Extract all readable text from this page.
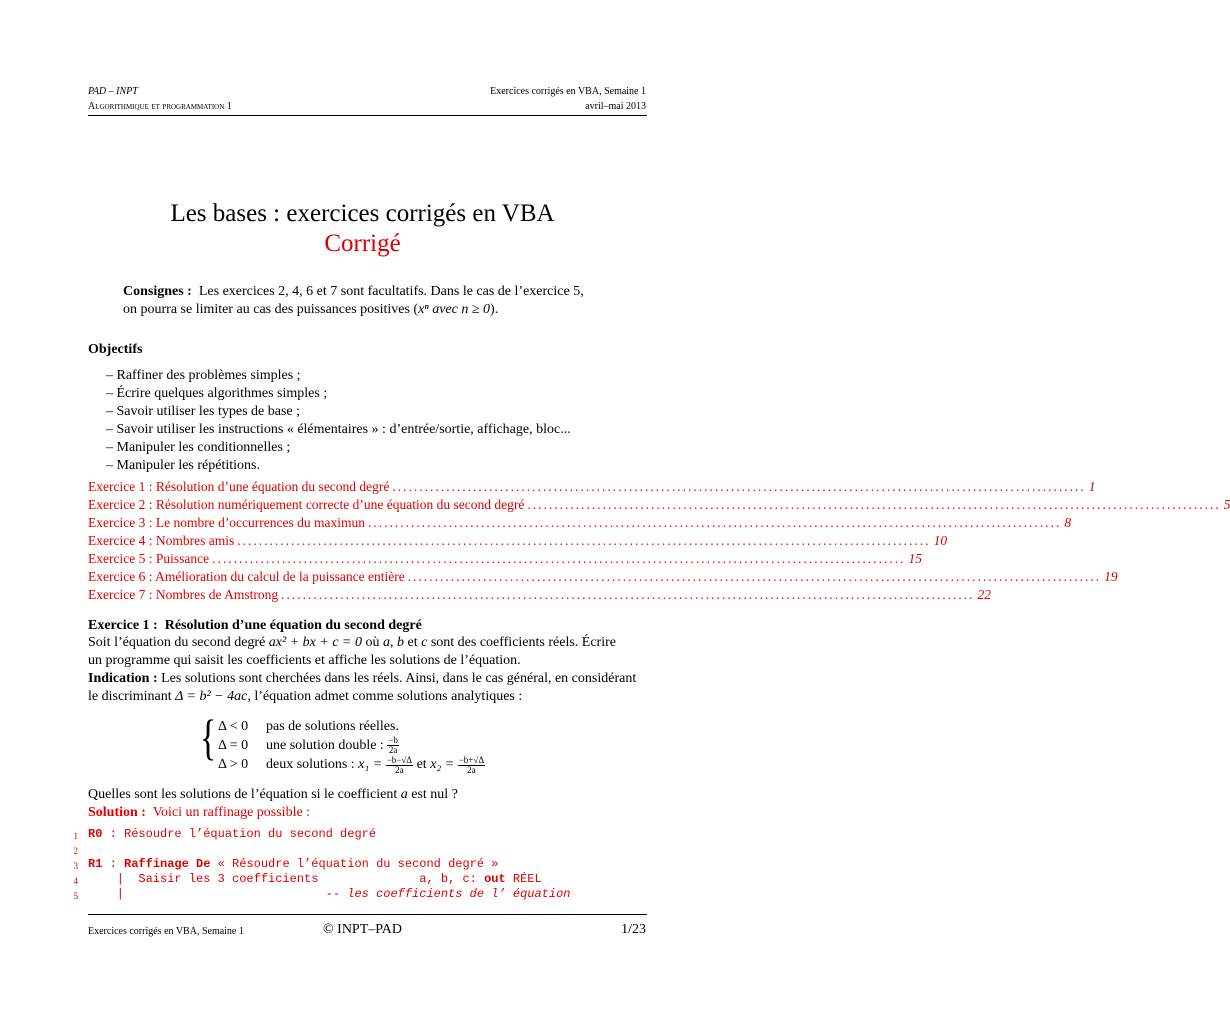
PAD – INPT
Algorithmique et programmation 1
Exercices corrigés en VBA, Semaine 1
avril–mai 2013
Les bases : exercices corrigés en VBA
Corrigé
Consignes : Les exercices 2, 4, 6 et 7 sont facultatifs. Dans le cas de l’exercice 5,
on pourra se limiter au cas des puissances positives (xⁿ avec n ≥ 0).
Objectifs
– Raffiner des problèmes simples ;
– Écrire quelques algorithmes simples ;
– Savoir utiliser les types de base ;
– Savoir utiliser les instructions « élémentaires » : d’entrée/sortie, affichage, bloc...
– Manipuler les conditionnelles ;
– Manipuler les répétitions.
Exercice 1 : Résolution d’une équation du second degré ................................................................................................................................. 1
Exercice 2 : Résolution numériquement correcte d’une équation du second degré ................................................................................................................................. 5
Exercice 3 : Le nombre d’occurrences du maximun ................................................................................................................................. 8
Exercice 4 : Nombres amis ................................................................................................................................. 10
Exercice 5 : Puissance ................................................................................................................................. 15
Exercice 6 : Amélioration du calcul de la puissance entière ................................................................................................................................. 19
Exercice 7 : Nombres de Amstrong ................................................................................................................................. 22
Exercice 1 : Résolution d’une équation du second degré
Soit l’équation du second degré ax² + bx + c = 0 où a, b et c sont des coefficients réels. Écrire
un programme qui saisit les coefficients et affiche les solutions de l’équation.
Indication : Les solutions sont cherchées dans les réels. Ainsi, dans le cas général, en considérant
le discriminant Δ = b² − 4ac, l’équation admet comme solutions analytiques :
{ Δ < 0 pas de solutions réelles.
Δ = 0 une solution double : $\frac{-b}{2a}$
Δ > 0 deux solutions : $x_1 = \frac{-b-√\Delta}{2a}$ et $x_2 = \frac{-b+√\Delta}{2a}$
Quelles sont les solutions de l’équation si le coefficient a est nul ?
Solution : Voici un raffinage possible :
1 R0 : Résoudre l’équation du second degré
2
3 R1 : Raffinage De « Résoudre l’équation du second degré »
4 |  Saisir les 3 coefficients              a, b, c: out RÉEL
5 |                            -- les coefficients de l’ équation
Exercices corrigés en VBA, Semaine 1	© INPT–PAD	1/23
